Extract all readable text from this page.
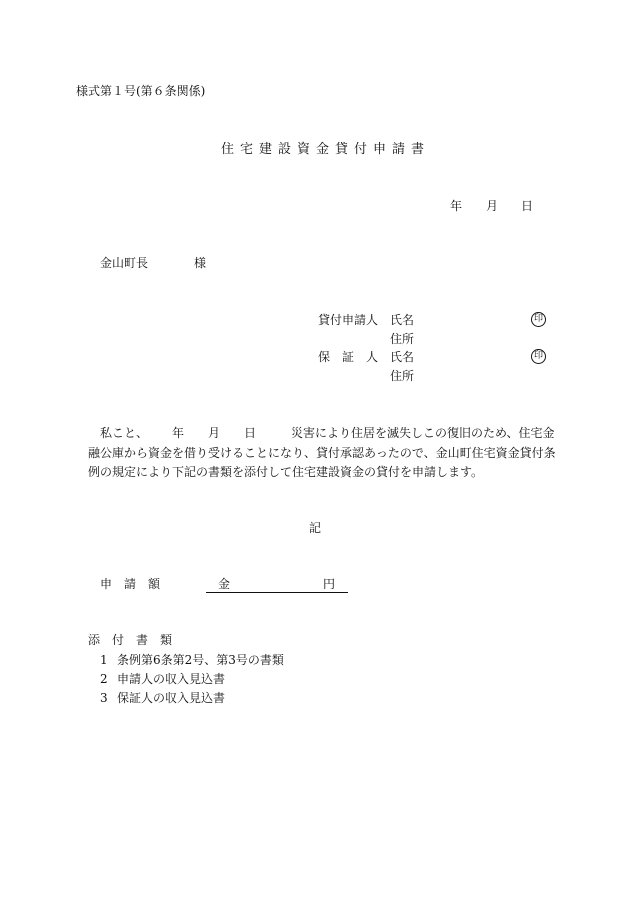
様式第１号(第６条関係)
住宅建設資金貸付申請書
年 月 日
金山町長	様
貸付申請人 氏名	印
住所
保　証　人 氏名	印
住所
私こと、 年 月 日	災害により住居を滅失しこの復旧のため、住宅金
融公庫から資金を借り受けることになり、貸付承認あったので、金山町住宅資金貸付条
例の規定により下記の書類を添付して住宅建設資金の貸付を申請します。
記
申　請　額	金	円
添　付　書　類
1 条例第6条第2号、第3号の書類
2 申請人の収入見込書
3 保証人の収入見込書
